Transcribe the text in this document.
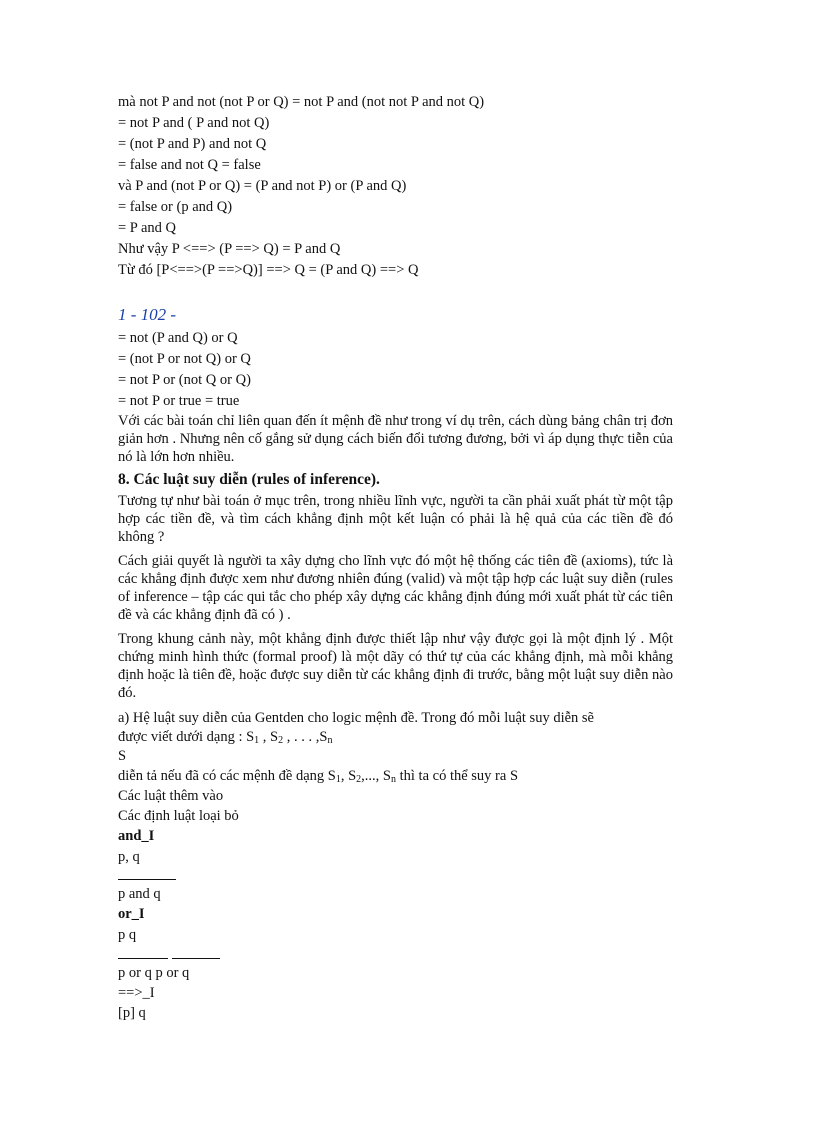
mà not P and not (not P or Q) = not P and (not not P and not Q)
= not P and ( P and not Q)
= (not P and P) and not Q
= false and not Q = false
và P and (not P or Q) = (P and not P) or (P and Q)
= false or (p and Q)
= P and Q
Như vậy P <==> (P ==> Q) = P and Q
Từ đó [P<==>(P ==>Q)] ==> Q = (P and Q) ==> Q
1 - 102 -
= not (P and Q) or Q
= (not P or not Q) or Q
= not P or (not Q or Q)
= not P or true = true
Với các bài toán chỉ liên quan đến ít mệnh đề như trong ví dụ trên, cách dùng bảng chân trị đơn giản hơn . Nhưng nên cố gắng sử dụng cách biến đổi tương đương, bởi vì áp dụng thực tiễn của nó là lớn hơn nhiều.
8. Các luật suy diễn (rules of inference).
Tương tự như bài toán ở mục trên, trong nhiều lĩnh vực, người ta cần phải xuất phát từ một tập hợp các tiền đề, và tìm cách khẳng định một kết luận có phải là hệ quả của các tiền đề đó không ?
Cách giải quyết là người ta xây dựng cho lĩnh vực đó một hệ thống các tiên đề (axioms), tức là các khẳng định được xem như đương nhiên đúng (valid) và một tập hợp các luật suy diễn (rules of inference – tập các qui tắc cho phép xây dựng các khẳng định đúng mới xuất phát từ các tiên đề và các khẳng định đã có ) .
Trong khung cảnh này, một khẳng định được thiết lập như vậy được gọi là một định lý . Một chứng minh hình thức (formal proof) là một dãy có thứ tự của các khẳng định, mà mỗi khẳng định hoặc là tiên đề, hoặc được suy diễn từ các khẳng định đi trước, bằng một luật suy diễn nào đó.
a) Hệ luật suy diễn của Gentden cho logic mệnh đề. Trong đó mỗi luật suy diễn sẽ
được viết dưới dạng : $S_1$ , $S_2$ , . . . $,S_n$
S
diễn tả nếu đã có các mệnh đề dạng $S_1$, $S_2$,..., $S_n$ thì ta có thể suy ra S
Các luật thêm vào
Các định luật loại bỏ
and_I
p, q
p and q
or_I
p q
p or q p or q
==>_I
[p] q
